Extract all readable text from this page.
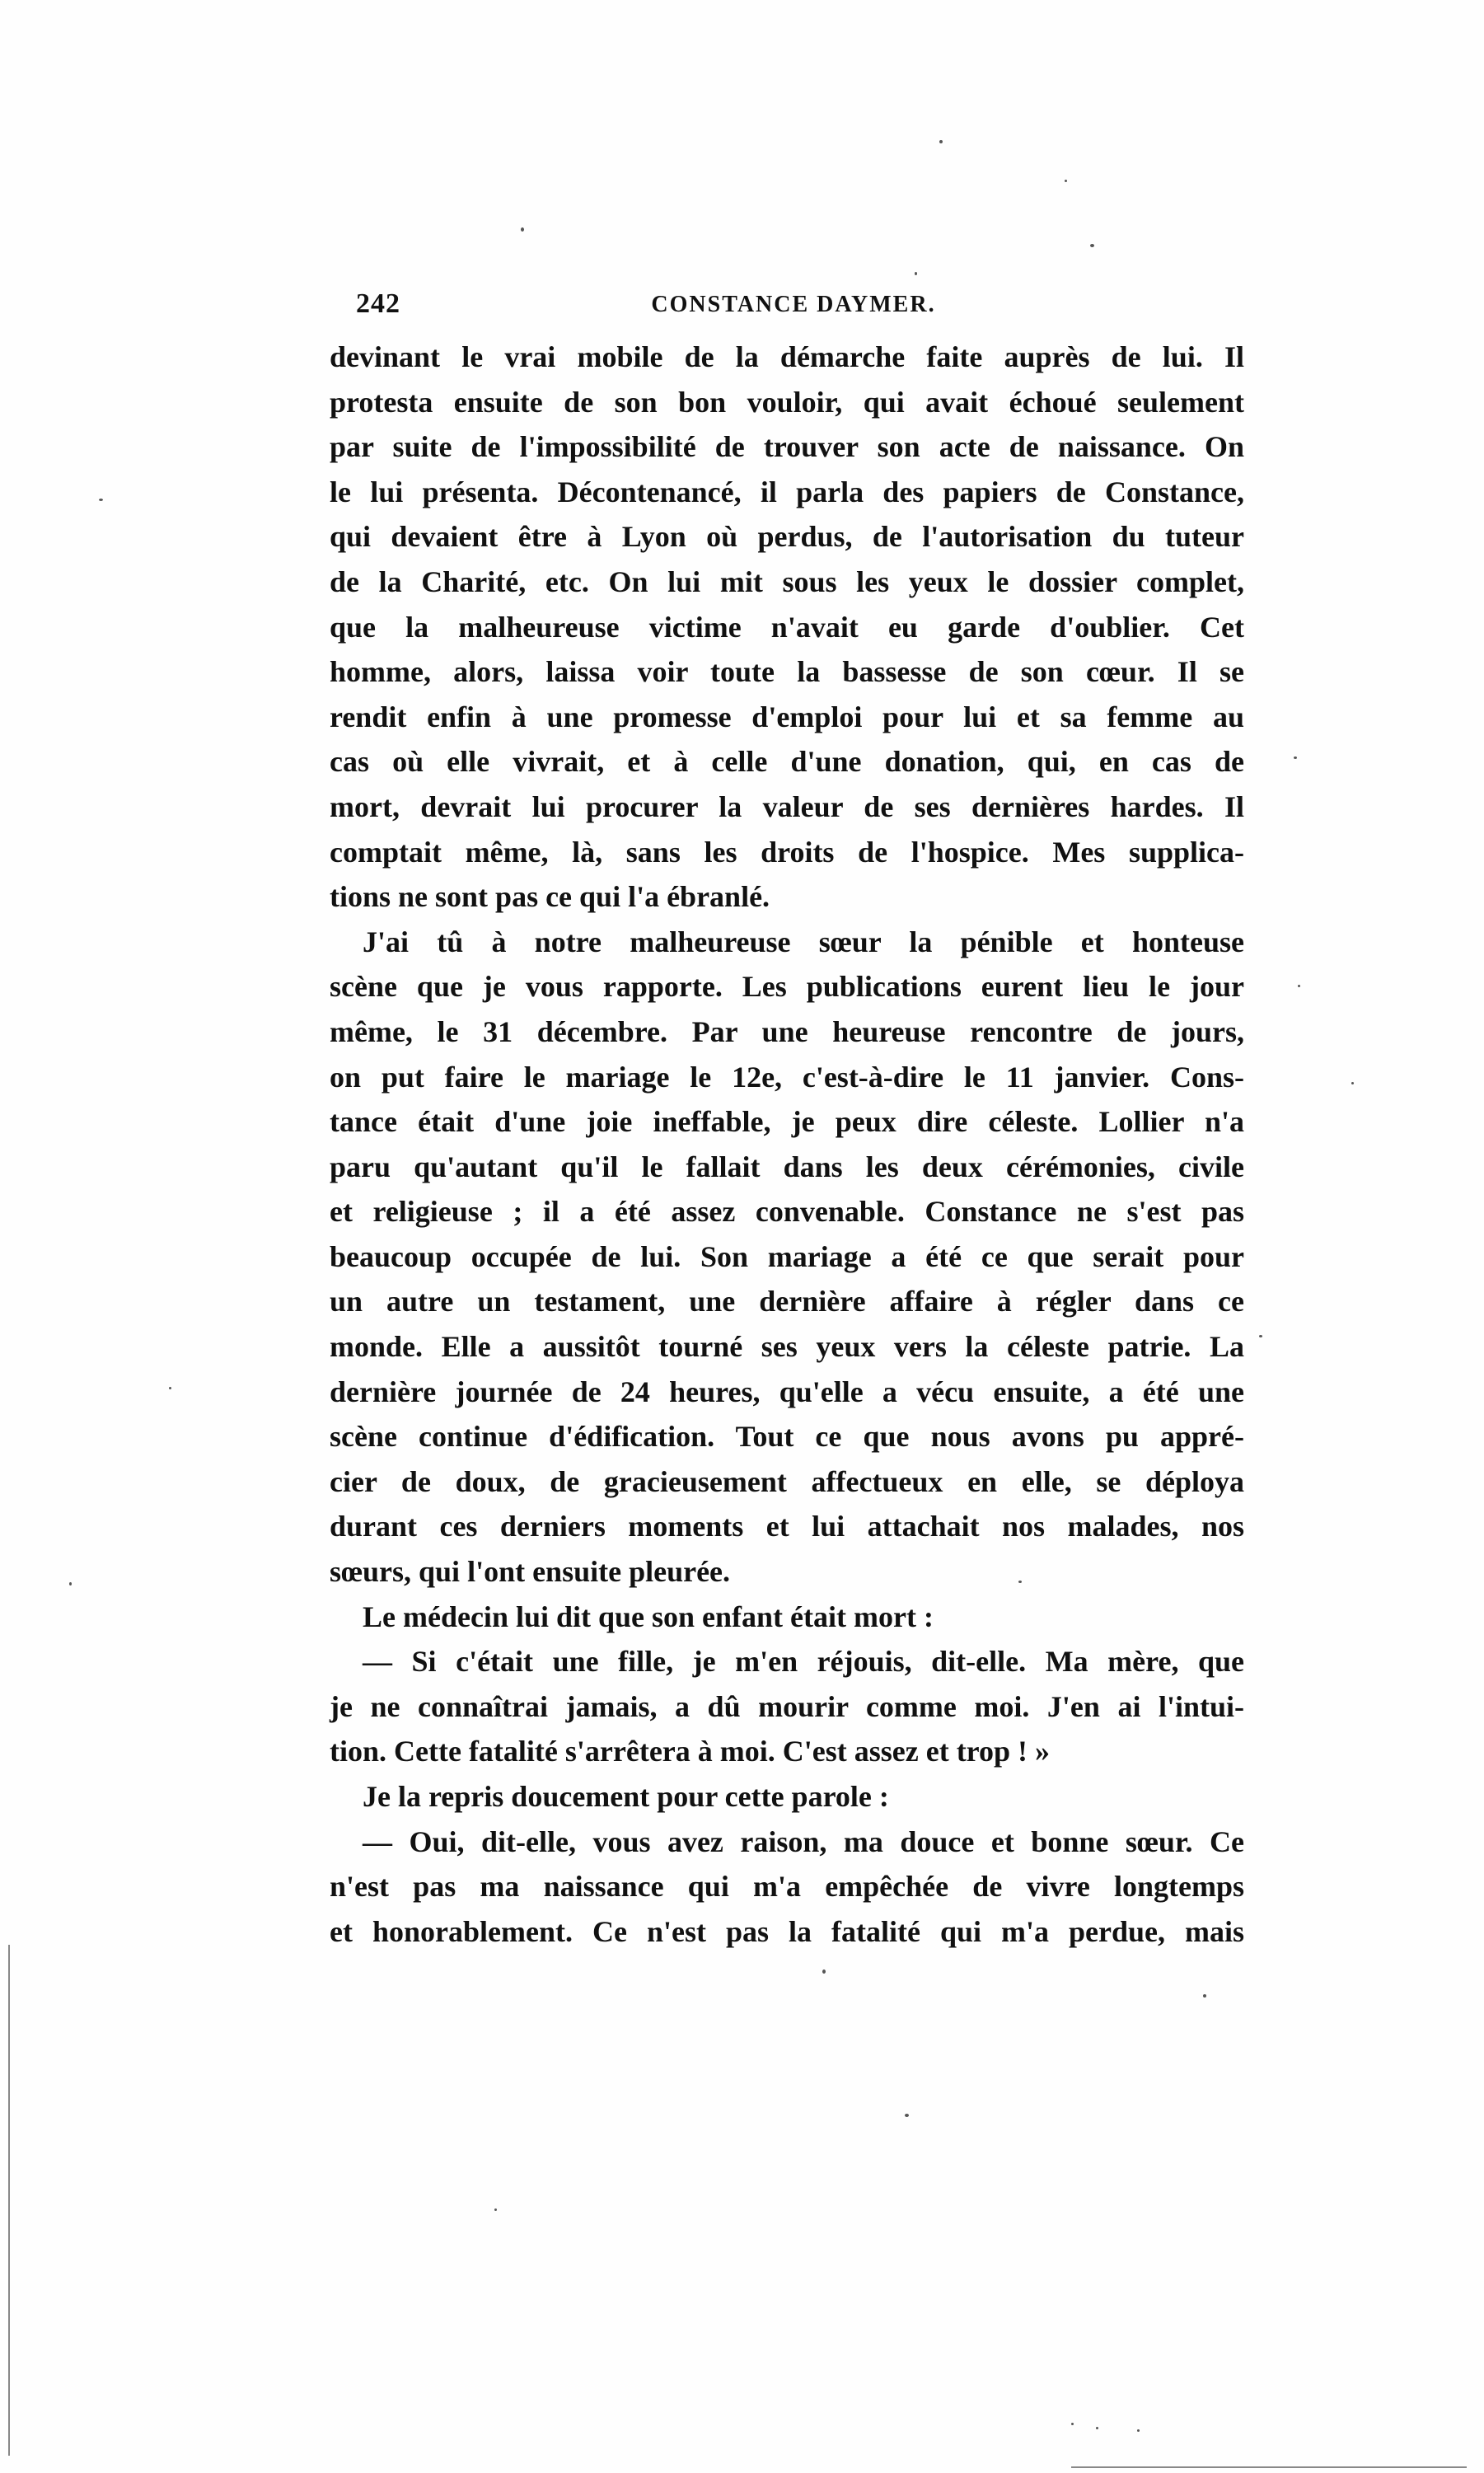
242	CONSTANCE DAYMER.
devinant le vrai mobile de la démarche faite auprès de lui. Il
protesta ensuite de son bon vouloir, qui avait échoué seulement
par suite de l'impossibilité de trouver son acte de naissance. On
le lui présenta. Décontenancé, il parla des papiers de Constance,
qui devaient être à Lyon où perdus, de l'autorisation du tuteur
de la Charité, etc. On lui mit sous les yeux le dossier complet,
que la malheureuse victime n'avait eu garde d'oublier. Cet
homme, alors, laissa voir toute la bassesse de son cœur. Il se
rendit enfin à une promesse d'emploi pour lui et sa femme au
cas où elle vivrait, et à celle d'une donation, qui, en cas de
mort, devrait lui procurer la valeur de ses dernières hardes. Il
comptait même, là, sans les droits de l'hospice. Mes supplica-
tions ne sont pas ce qui l'a ébranlé.
J'ai tû à notre malheureuse sœur la pénible et honteuse
scène que je vous rapporte. Les publications eurent lieu le jour
même, le 31 décembre. Par une heureuse rencontre de jours,
on put faire le mariage le 12e, c'est-à-dire le 11 janvier. Cons-
tance était d'une joie ineffable, je peux dire céleste. Lollier n'a
paru qu'autant qu'il le fallait dans les deux cérémonies, civile
et religieuse ; il a été assez convenable. Constance ne s'est pas
beaucoup occupée de lui. Son mariage a été ce que serait pour
un autre un testament, une dernière affaire à régler dans ce
monde. Elle a aussitôt tourné ses yeux vers la céleste patrie. La
dernière journée de 24 heures, qu'elle a vécu ensuite, a été une
scène continue d'édification. Tout ce que nous avons pu appré-
cier de doux, de gracieusement affectueux en elle, se déploya
durant ces derniers moments et lui attachait nos malades, nos
sœurs, qui l'ont ensuite pleurée.
Le médecin lui dit que son enfant était mort :
— Si c'était une fille, je m'en réjouis, dit-elle. Ma mère, que
je ne connaîtrai jamais, a dû mourir comme moi. J'en ai l'intui-
tion. Cette fatalité s'arrêtera à moi. C'est assez et trop ! »
Je la repris doucement pour cette parole :
— Oui, dit-elle, vous avez raison, ma douce et bonne sœur. Ce
n'est pas ma naissance qui m'a empêchée de vivre longtemps
et honorablement. Ce n'est pas la fatalité qui m'a perdue, mais
